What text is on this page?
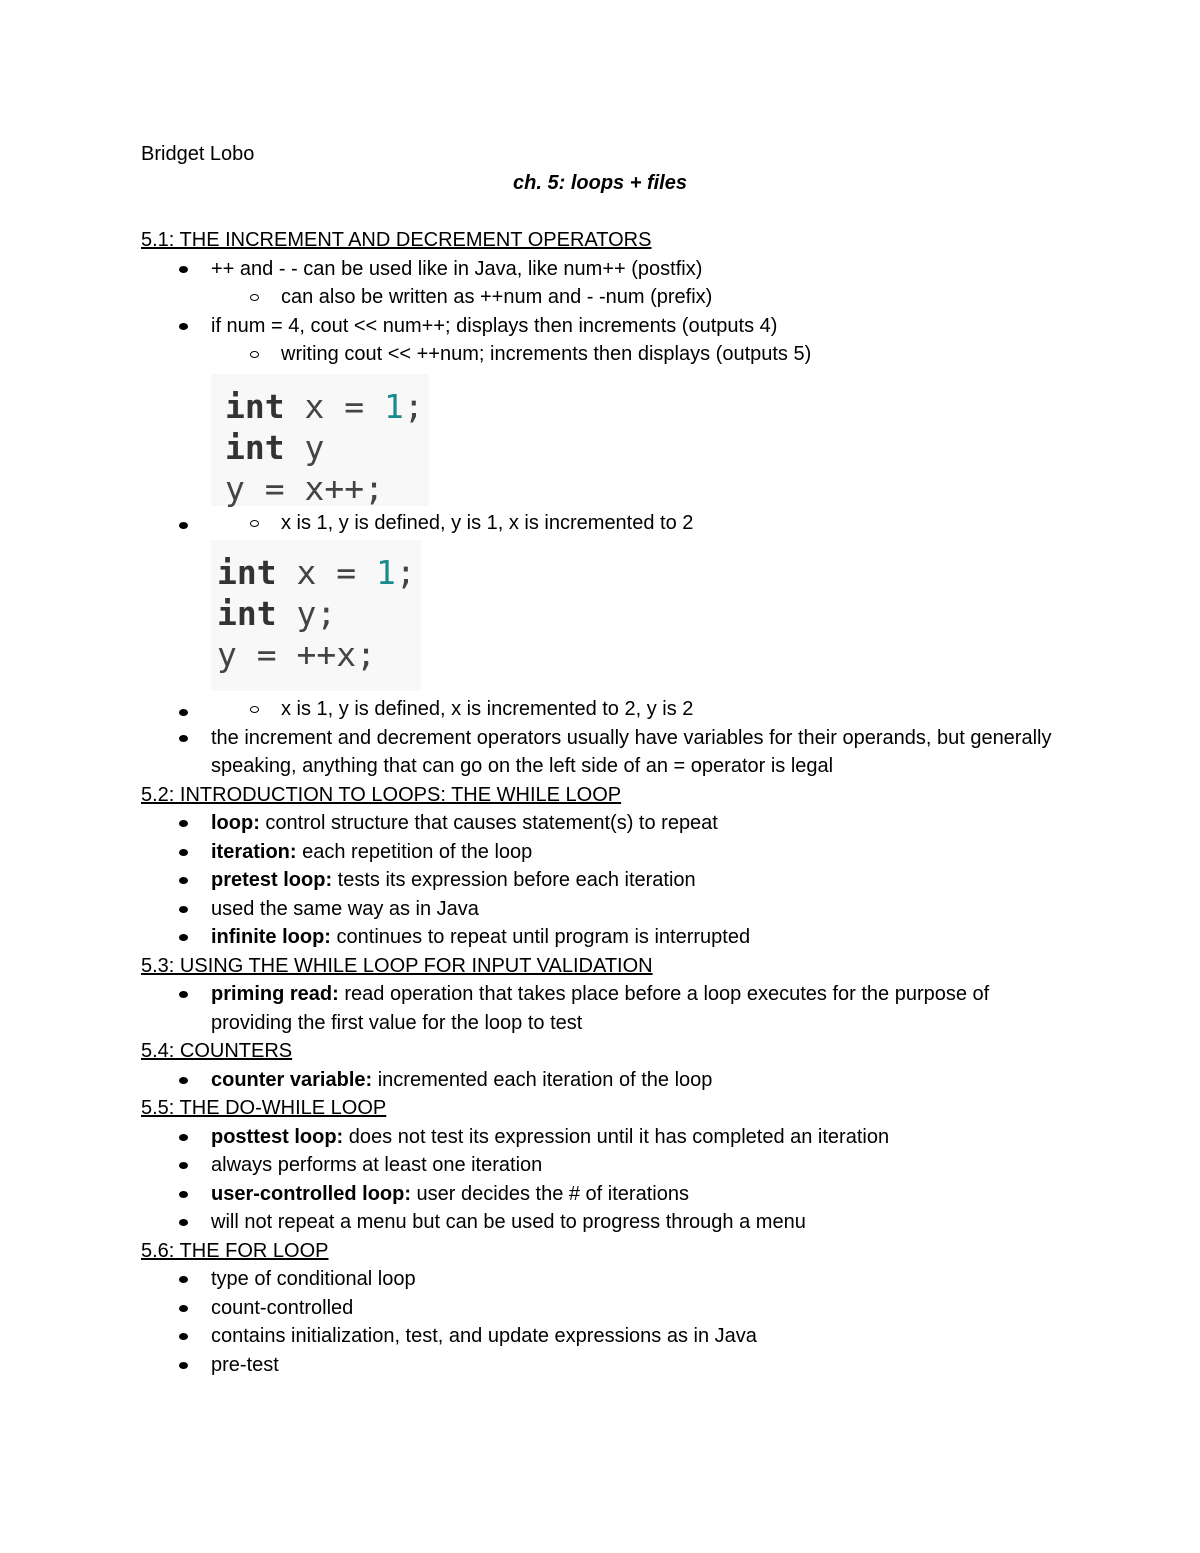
Bridget Lobo
ch. 5: loops + files
5.1: THE INCREMENT AND DECREMENT OPERATORS
++ and - - can be used like in Java, like num++ (postfix)
can also be written as ++num and - -num (prefix)
if num = 4, cout << num++; displays then increments (outputs 4)
writing cout << ++num; increments then displays (outputs 5)
int x = 1;
int y
y = x++;
x is 1, y is defined, y is 1, x is incremented to 2
int x = 1;
int y;
y = ++x;
x is 1, y is defined, x is incremented to 2, y is 2
the increment and decrement operators usually have variables for their operands, but generally speaking, anything that can go on the left side of an = operator is legal
5.2: INTRODUCTION TO LOOPS: THE WHILE LOOP
loop: control structure that causes statement(s) to repeat
iteration: each repetition of the loop
pretest loop: tests its expression before each iteration
used the same way as in Java
infinite loop: continues to repeat until program is interrupted
5.3: USING THE WHILE LOOP FOR INPUT VALIDATION
priming read: read operation that takes place before a loop executes for the purpose of providing the first value for the loop to test
5.4: COUNTERS
counter variable: incremented each iteration of the loop
5.5: THE DO-WHILE LOOP
posttest loop: does not test its expression until it has completed an iteration
always performs at least one iteration
user-controlled loop: user decides the # of iterations
will not repeat a menu but can be used to progress through a menu
5.6: THE FOR LOOP
type of conditional loop
count-controlled
contains initialization, test, and update expressions as in Java
pre-test
